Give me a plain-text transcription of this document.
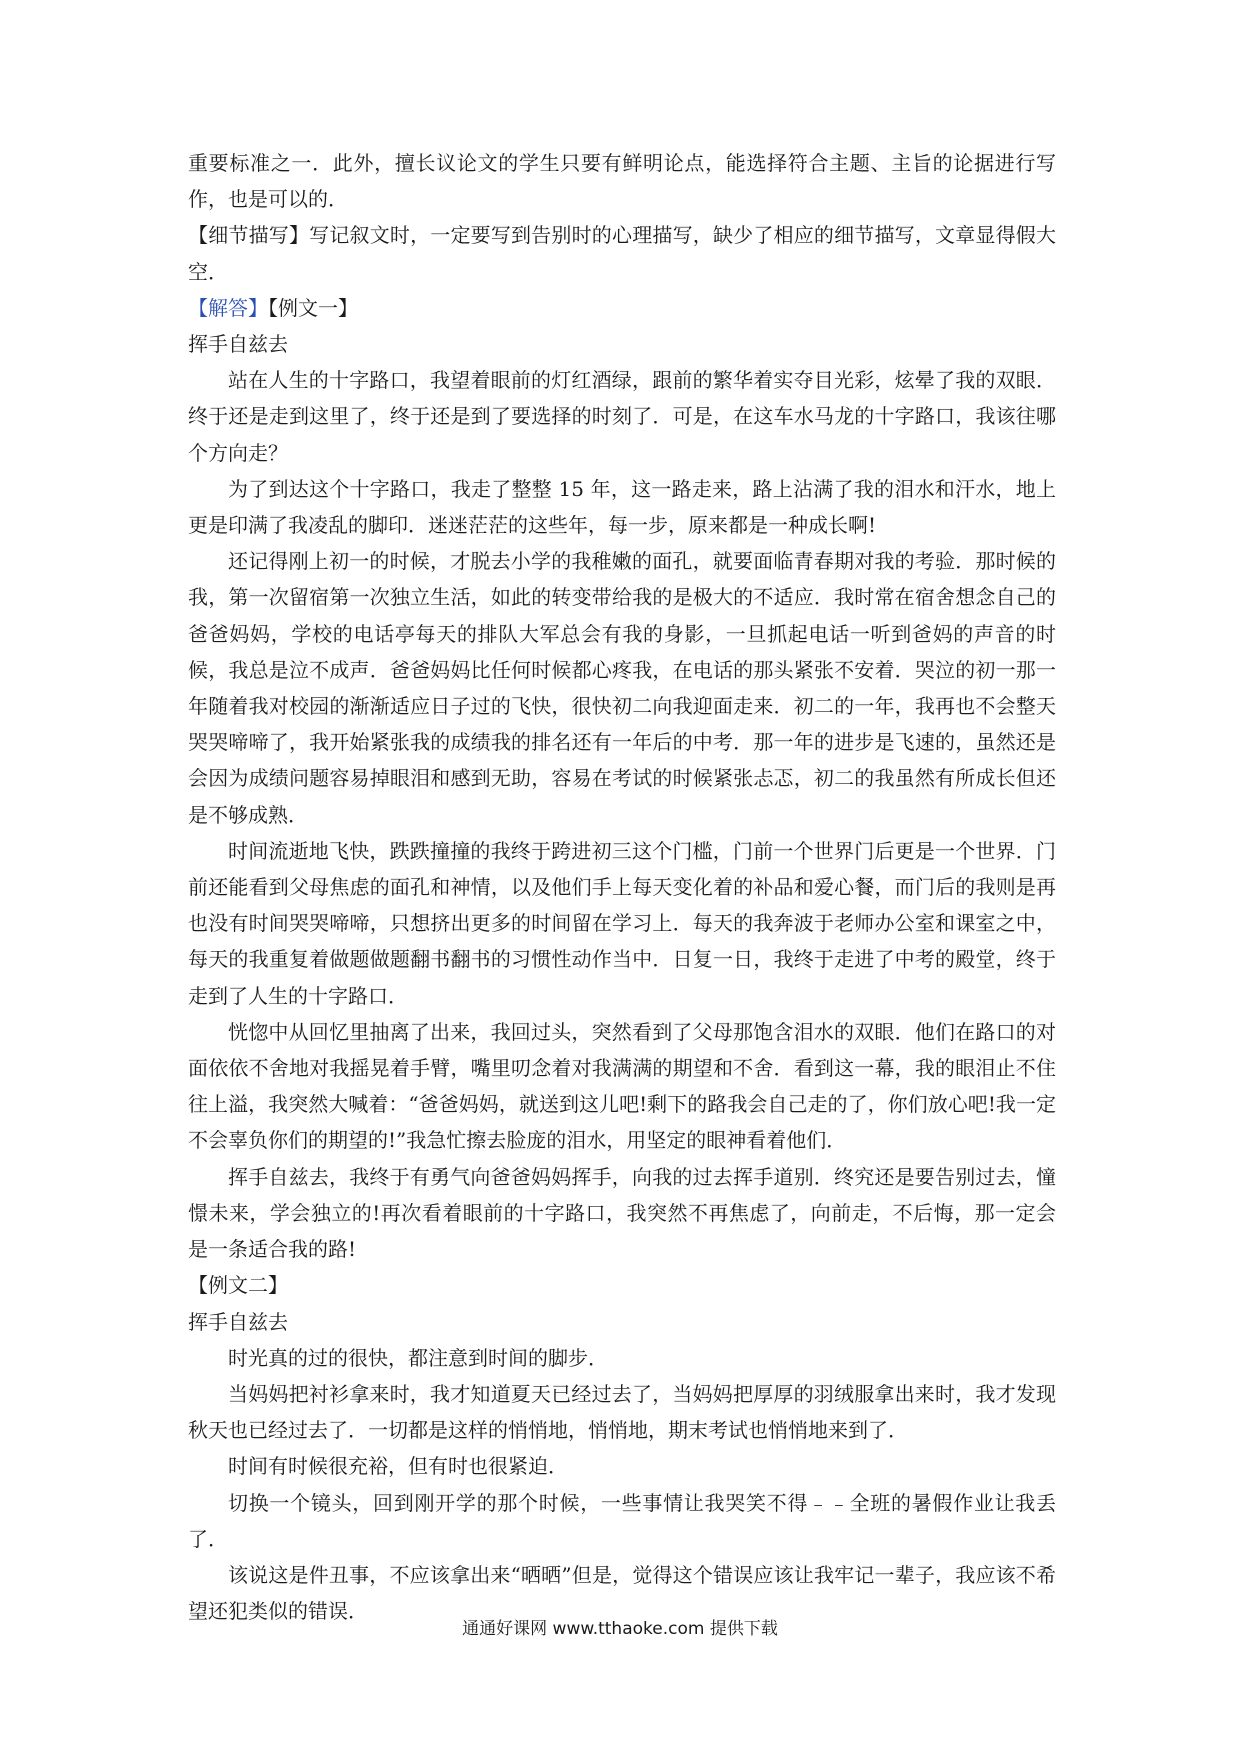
重要标准之一．此外，擅长议论文的学生只要有鲜明论点，能选择符合主题、主旨的论据进行写作，也是可以的．

【细节描写】写记叙文时，一定要写到告别时的心理描写，缺少了相应的细节描写，文章显得假大空．

【解答】【例文一】

挥手自兹去

站在人生的十字路口，我望着眼前的灯红酒绿，跟前的繁华着实夺目光彩，炫晕了我的双眼．终于还是走到这里了，终于还是到了要选择的时刻了．可是，在这车水马龙的十字路口，我该往哪个方向走？

为了到达这个十字路口，我走了整整 15 年，这一路走来，路上沾满了我的泪水和汗水，地上更是印满了我凌乱的脚印．迷迷茫茫的这些年，每一步，原来都是一种成长啊!

还记得刚上初一的时候，才脱去小学的我稚嫩的面孔，就要面临青春期对我的考验．那时候的我，第一次留宿第一次独立生活，如此的转变带给我的是极大的不适应．我时常在宿舍想念自己的爸爸妈妈，学校的电话亭每天的排队大军总会有我的身影，一旦抓起电话一听到爸妈的声音的时候，我总是泣不成声．爸爸妈妈比任何时候都心疼我，在电话的那头紧张不安着．哭泣的初一那一年随着我对校园的渐渐适应日子过的飞快，很快初二向我迎面走来．初二的一年，我再也不会整天哭哭啼啼了，我开始紧张我的成绩我的排名还有一年后的中考．那一年的进步是飞速的，虽然还是会因为成绩问题容易掉眼泪和感到无助，容易在考试的时候紧张忐忑，初二的我虽然有所成长但还是不够成熟．

时间流逝地飞快，跌跌撞撞的我终于跨进初三这个门槛，门前一个世界门后更是一个世界．门前还能看到父母焦虑的面孔和神情，以及他们手上每天变化着的补品和爱心餐，而门后的我则是再也没有时间哭哭啼啼，只想挤出更多的时间留在学习上．每天的我奔波于老师办公室和课室之中，每天的我重复着做题做题翻书翻书的习惯性动作当中．日复一日，我终于走进了中考的殿堂，终于走到了人生的十字路口．

恍惚中从回忆里抽离了出来，我回过头，突然看到了父母那饱含泪水的双眼．他们在路口的对面依依不舍地对我摇晃着手臂，嘴里叨念着对我满满的期望和不舍．看到这一幕，我的眼泪止不住往上溢，我突然大喊着：“爸爸妈妈，就送到这儿吧!剩下的路我会自己走的了，你们放心吧!我一定不会辜负你们的期望的!”我急忙擦去脸庞的泪水，用坚定的眼神看着他们．

挥手自兹去，我终于有勇气向爸爸妈妈挥手，向我的过去挥手道别．终究还是要告别过去，憧憬未来，学会独立的!再次看着眼前的十字路口，我突然不再焦虑了，向前走，不后悔，那一定会是一条适合我的路!

【例文二】

挥手自兹去

时光真的过的很快，都注意到时间的脚步．

当妈妈把衬衫拿来时，我才知道夏天已经过去了，当妈妈把厚厚的羽绒服拿出来时，我才发现秋天也已经过去了．一切都是这样的悄悄地，悄悄地，期末考试也悄悄地来到了．

时间有时候很充裕，但有时也很紧迫．

切换一个镜头，回到刚开学的那个时候，一些事情让我哭笑不得﹣﹣全班的暑假作业让我丢了．

该说这是件丑事，不应该拿出来“晒晒”但是，觉得这个错误应该让我牢记一辈子，我应该不希望还犯类似的错误．

通通好课网 www.tthaoke.com 提供下载
